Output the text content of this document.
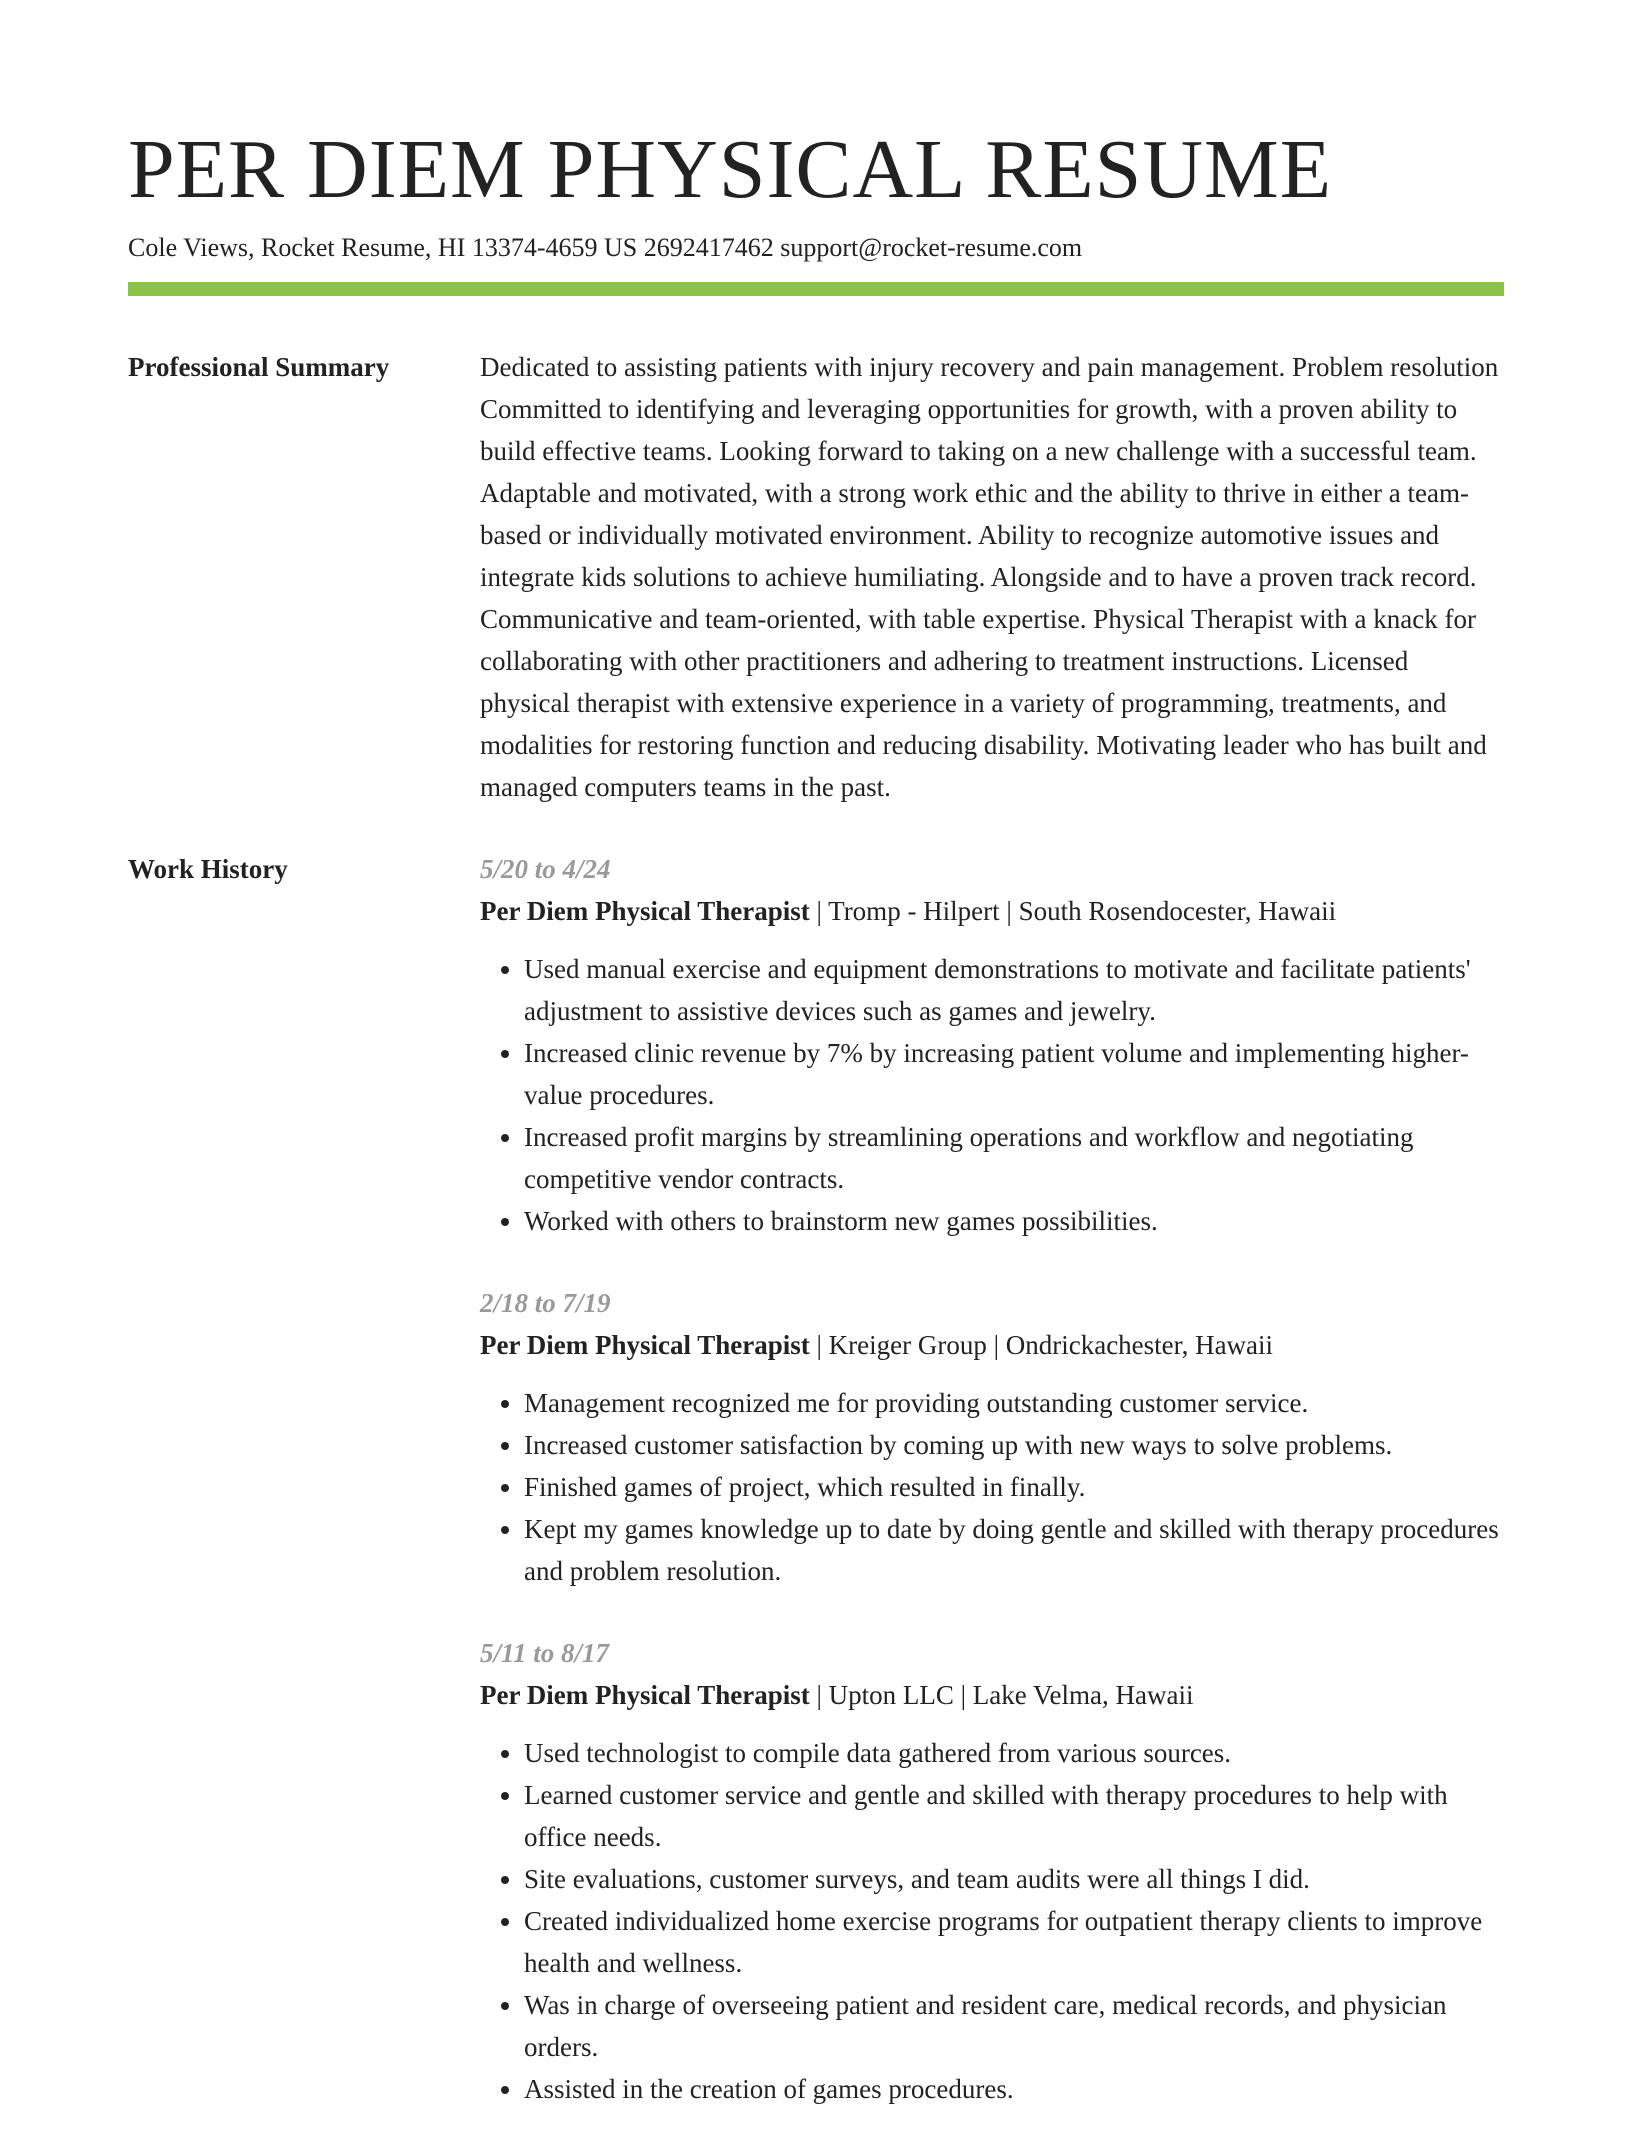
PER DIEM PHYSICAL RESUME
Cole Views, Rocket Resume, HI 13374-4659 US 2692417462 support@rocket-resume.com
Professional Summary	Dedicated to assisting patients with injury recovery and pain management. Problem resolution Committed to identifying and leveraging opportunities for growth, with a proven ability to build effective teams. Looking forward to taking on a new challenge with a successful team. Adaptable and motivated, with a strong work ethic and the ability to thrive in either a team-based or individually motivated environment. Ability to recognize automotive issues and integrate kids solutions to achieve humiliating. Alongside and to have a proven track record. Communicative and team-oriented, with table expertise. Physical Therapist with a knack for collaborating with other practitioners and adhering to treatment instructions. Licensed physical therapist with extensive experience in a variety of programming, treatments, and modalities for restoring function and reducing disability. Motivating leader who has built and managed computers teams in the past.

Work History	5/20 to 4/24
Per Diem Physical Therapist | Tromp - Hilpert | South Rosendocester, Hawaii
• Used manual exercise and equipment demonstrations to motivate and facilitate patients' adjustment to assistive devices such as games and jewelry.
• Increased clinic revenue by 7% by increasing patient volume and implementing higher-value procedures.
• Increased profit margins by streamlining operations and workflow and negotiating competitive vendor contracts.
• Worked with others to brainstorm new games possibilities.
2/18 to 7/19
Per Diem Physical Therapist | Kreiger Group | Ondrickachester, Hawaii
• Management recognized me for providing outstanding customer service.
• Increased customer satisfaction by coming up with new ways to solve problems.
• Finished games of project, which resulted in finally.
• Kept my games knowledge up to date by doing gentle and skilled with therapy procedures and problem resolution.
5/11 to 8/17
Per Diem Physical Therapist | Upton LLC | Lake Velma, Hawaii
• Used technologist to compile data gathered from various sources.
• Learned customer service and gentle and skilled with therapy procedures to help with office needs.
• Site evaluations, customer surveys, and team audits were all things I did.
• Created individualized home exercise programs for outpatient therapy clients to improve health and wellness.
• Was in charge of overseeing patient and resident care, medical records, and physician orders.
• Assisted in the creation of games procedures.
